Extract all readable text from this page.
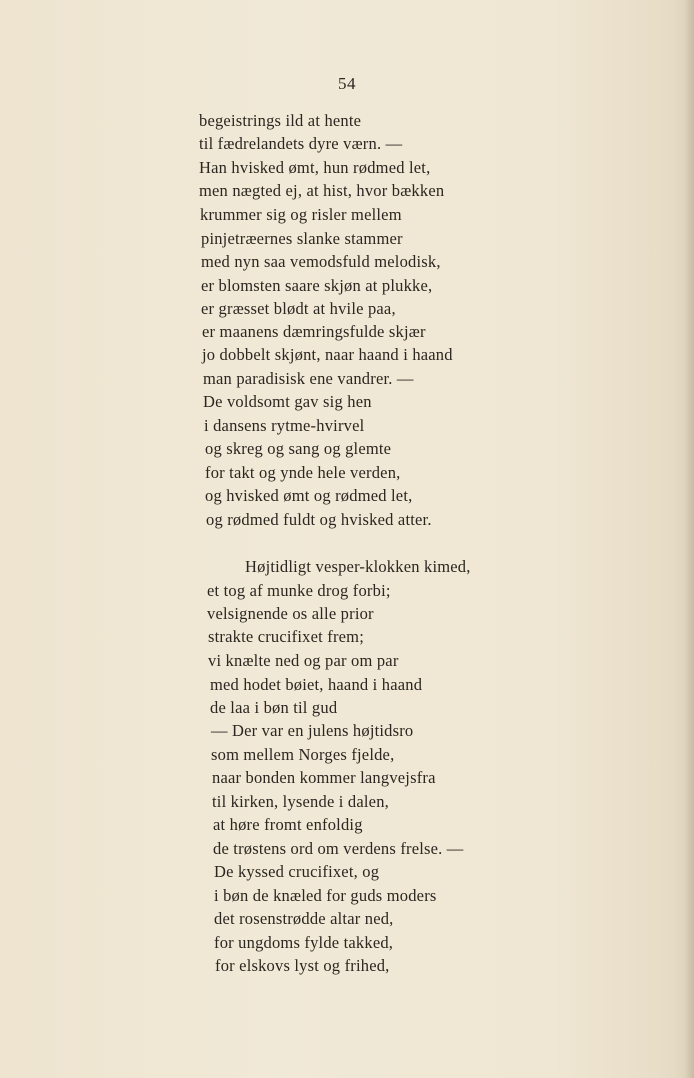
54
begeistrings ild at hente
til fædrelandets dyre værn. —
Han hvisked ømt, hun rødmed let,
men nægted ej, at hist, hvor bækken
krummer sig og risler mellem
pinjetræernes slanke stammer
med nyn saa vemodsfuld melodisk,
er blomsten saare skjøn at plukke,
er græsset blødt at hvile paa,
er maanens dæmringsfulde skjær
jo dobbelt skjønt, naar haand i haand
man paradisisk ene vandrer. —
De voldsomt gav sig hen
i dansens rytme-hvirvel
og skreg og sang og glemte
for takt og ynde hele verden,
og hvisked ømt og rødmed let,
og rødmed fuldt og hvisked atter.
Højtidligt vesper-klokken kimed,
et tog af munke drog forbi;
velsignende os alle prior
strakte crucifixet frem;
vi knælte ned og par om par
med hodet bøiet, haand i haand
de laa i bøn til gud
— Der var en julens højtidsro
som mellem Norges fjelde,
naar bonden kommer langvejsfra
til kirken, lysende i dalen,
at høre fromt enfoldig
de trøstens ord om verdens frelse. —
De kyssed crucifixet, og
i bøn de knæled for guds moders
det rosenstrødde altar ned,
for ungdoms fylde takked,
for elskovs lyst og frihed,
